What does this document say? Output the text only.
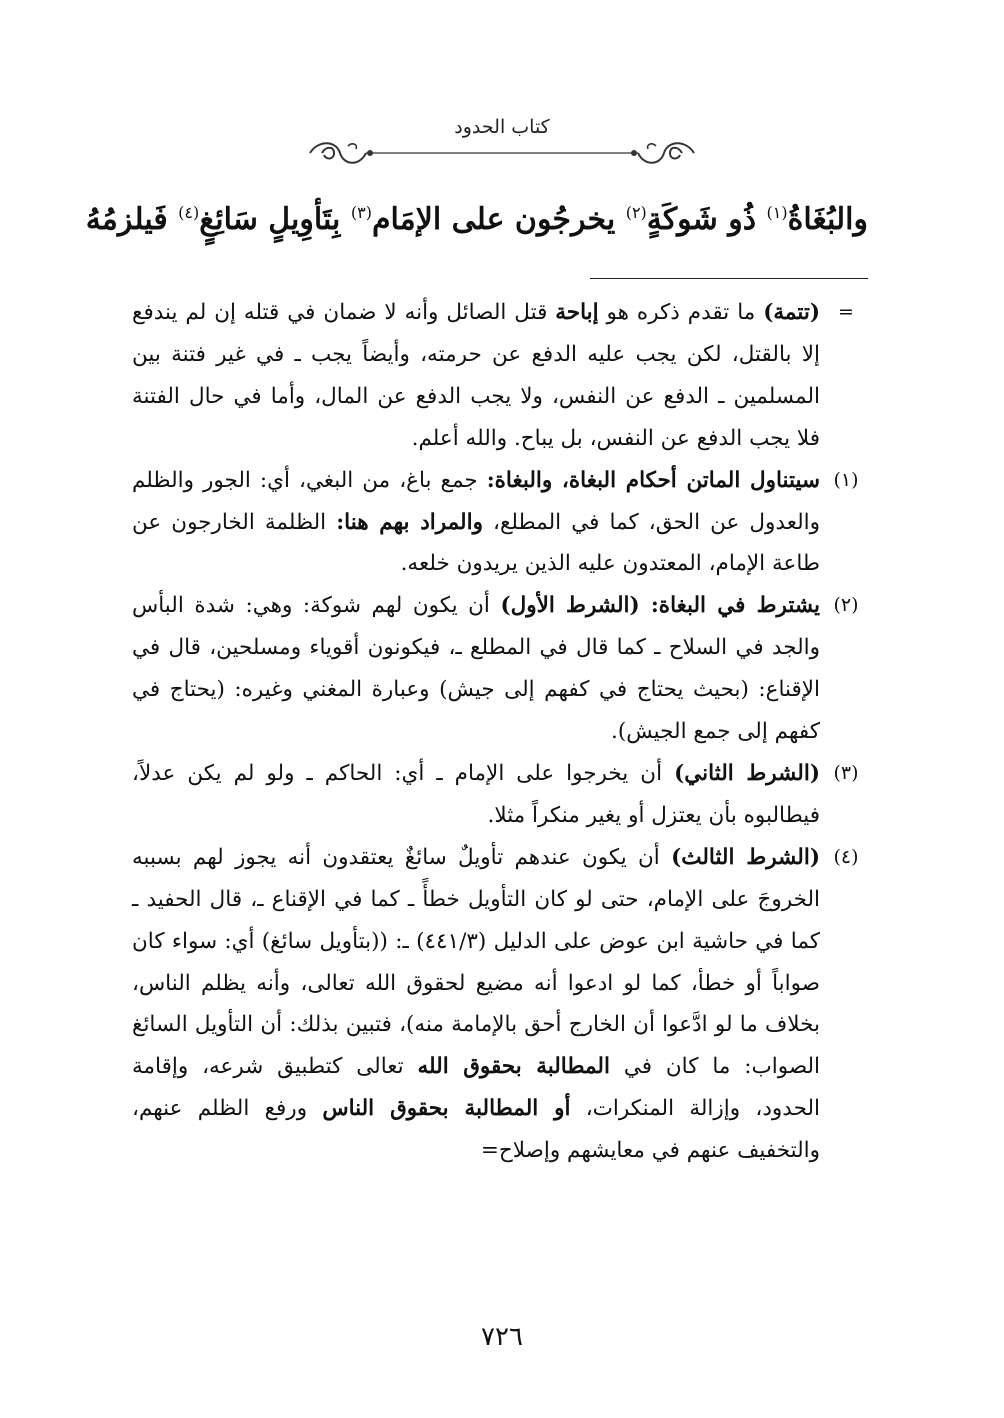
كتاب الحدود
والبُغَاةُ$^{(١)}$ ذُو شَوكَةٍ$^{(٢)}$ يخرجُون على الإمَام$^{(٣)}$ بِتَأوِيلٍ سَائِغٍ$^{(٤)}$ فَيلزمُهُ
=
(تتمة) ما تقدم ذكره هو إباحة قتل الصائل وأنه لا ضمان في قتله إن لم يندفع إلا بالقتل، لكن يجب عليه الدفع عن حرمته، وأيضاً يجب ـ في غير فتنة بين المسلمين ـ الدفع عن النفس، ولا يجب الدفع عن المال، وأما في حال الفتنة فلا يجب الدفع عن النفس، بل يباح. والله أعلم.
(١)
سيتناول الماتن أحكام البغاة، والبغاة: جمع باغ، من البغي، أي: الجور والظلم والعدول عن الحق، كما في المطلع، والمراد بهم هنا: الظلمة الخارجون عن طاعة الإمام، المعتدون عليه الذين يريدون خلعه.
(٢)
يشترط في البغاة: (الشرط الأول) أن يكون لهم شوكة: وهي: شدة البأس والجد في السلاح ـ كما قال في المطلع ـ، فيكونون أقوياء ومسلحين، قال في الإقناع: (بحيث يحتاج في كفهم إلى جيش) وعبارة المغني وغيره: (يحتاج في كفهم إلى جمع الجيش).
(٣)
(الشرط الثاني) أن يخرجوا على الإمام ـ أي: الحاكم ـ ولو لم يكن عدلاً، فيطالبوه بأن يعتزل أو يغير منكراً مثلا.
(٤)
(الشرط الثالث) أن يكون عندهم تأويلٌ سائغٌ يعتقدون أنه يجوز لهم بسببه الخروجَ على الإمام، حتى لو كان التأويل خطأً ـ كما في الإقناع ـ، قال الحفيد ـ كما في حاشية ابن عوض على الدليل (٤٤١/٣) ـ: ((بتأويل سائغ) أي: سواء كان صواباً أو خطأ، كما لو ادعوا أنه مضيع لحقوق الله تعالى، وأنه يظلم الناس، بخلاف ما لو ادَّعوا أن الخارج أحق بالإمامة منه)، فتبين بذلك: أن التأويل السائغ الصواب: ما كان في المطالبة بحقوق الله تعالى كتطبيق شرعه، وإقامة الحدود، وإزالة المنكرات، أو المطالبة بحقوق الناس ورفع الظلم عنهم، والتخفيف عنهم في معايشهم وإصلاح=
٧٢٦
